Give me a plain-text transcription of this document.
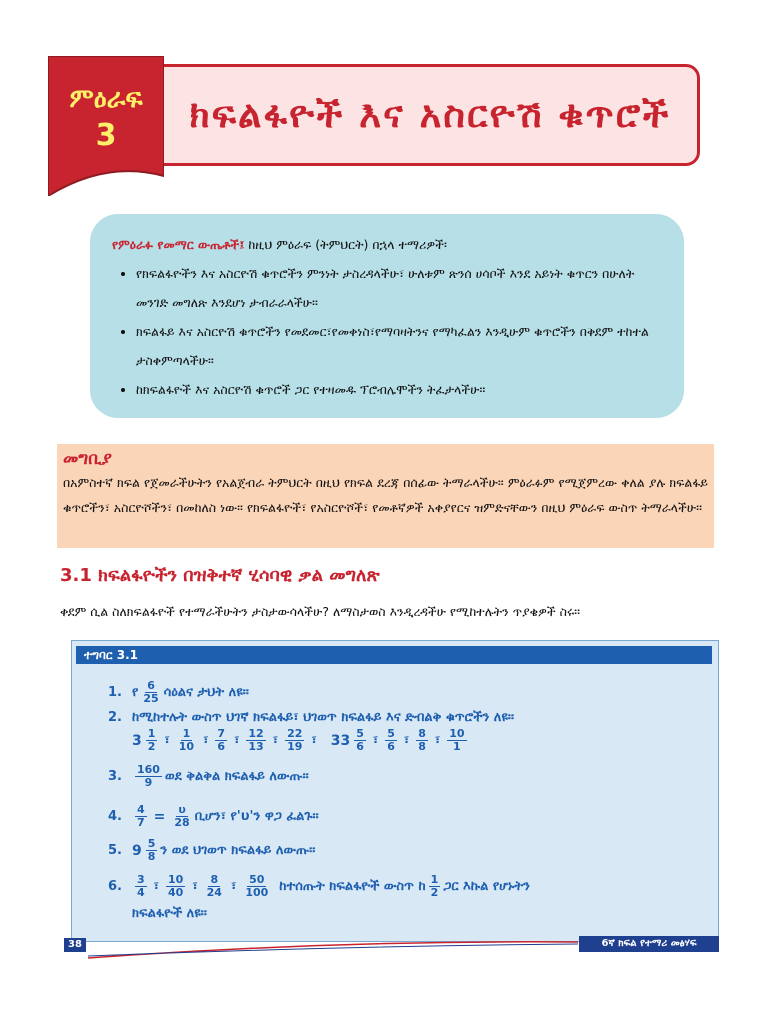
ምዕራፍ
3	ክፍልፋዮች እና አስርዮሽ ቁጥሮች
የምዕራፉ የመማር ውጤቶች፤ ከዚህ ምዕራፍ (ትምህርት) በኋላ ተማሪዎች፡
• የክፍልፋዮችን እና አስርዮሽ ቁጥሮችን ምንነት ታስረዳላችሁ፣ ሁለቱም ጽንሰ ሀሳቦች እንደ አይነት ቁጥርን በሁለት መንገድ መግለጽ እንደሆነ ታብራራላችሁ፡፡
• ክፍልፋይ እና አስርዮሽ ቁጥሮችን የመደመር፣የመቀነስ፣የማባዛትንና የማካፈልን እንዲሁም ቁጥሮችን በቅደም ተከተል ታስቀምጣላችሁ፡፡
• ከክፍልፋዮች እና አስርዮሽ ቁጥሮች ጋር የተዛመዱ ፕሮብሌሞችን ትፈታላችሁ፡፡
መግቢያ
በአምስተኛ ክፍል የጀመራችሁትን የአልጀብራ ትምህርት በዚህ የክፍል ደረጃ በሰፊው ትማራላችሁ፡፡ ምዕራፉም የሚጀምረው ቀለል ያሉ ክፍልፋይ ቁጥሮችን፣ አስርዮሾችን፣ በመከለስ ነው፡፡ የክፍልፋዮች፣ የአስርዮሾች፣ የመቶኛዎች አቀያየርና ዝምድናቸውን በዚህ ምዕራፍ ውስጥ ትማራላችሁ፡፡
3.1 ክፍልፋዮችን በዝቅተኛ ሂሳባዊ ቃል መግለጽ
ቀደም ሲል ስለክፍልፋዮች የተማራችሁትን ታስታውሳላችሁ? ለማስታወስ እንዲረዳችሁ የሚከተሉትን ጥያቄዎች ስሩ፡፡
ተግባር 3.1
1. የ $\frac{6}{25}$ ሳዕልና ታህት ለዩ፡፡
2. ከሚከተሉት ውስጥ ህገኛ ክፍልፋይ፣ ህገወጥ ክፍልፋይ እና ድብልቅ ቁጥሮችን ለዩ፡፡
$3 \frac{1}{2}$ ፣ $\frac{1}{10}$ ፣ $\frac{7}{6}$ ፣ $\frac{12}{13}$ ፣ $\frac{22}{19}$ ፣ $33 \frac{5}{6}$ ፣ $\frac{5}{6}$ ፣ $\frac{8}{8}$ ፣ $\frac{10}{1}$
3.	$\frac{160}{9}$ ወደ ቅልቅል ክፍልፋይ ለውጡ፡፡
4.	$\frac{4}{7} = \frac{\upsilon}{28}$ ቢሆን፣ የ'υ'ን ዋጋ ፈልጉ፡፡
5. $9 \frac{5}{8}$ ን ወደ ህገወጥ ክፍልፋይ ለውጡ፡፡
6.	$\frac{3}{4}$ ፣ $\frac{10}{40}$ ፣ $\frac{8}{24}$ ፣ $\frac{50}{100}$ ከተሰጡት ክፍልፋዮች ውስጥ ከ $\frac{1}{2}$ ጋር እኩል የሆኑትን
ክፍልፋዮች ለዩ፡፡
38	6ኛ ክፍል የተማሪ መፅሃፍ
